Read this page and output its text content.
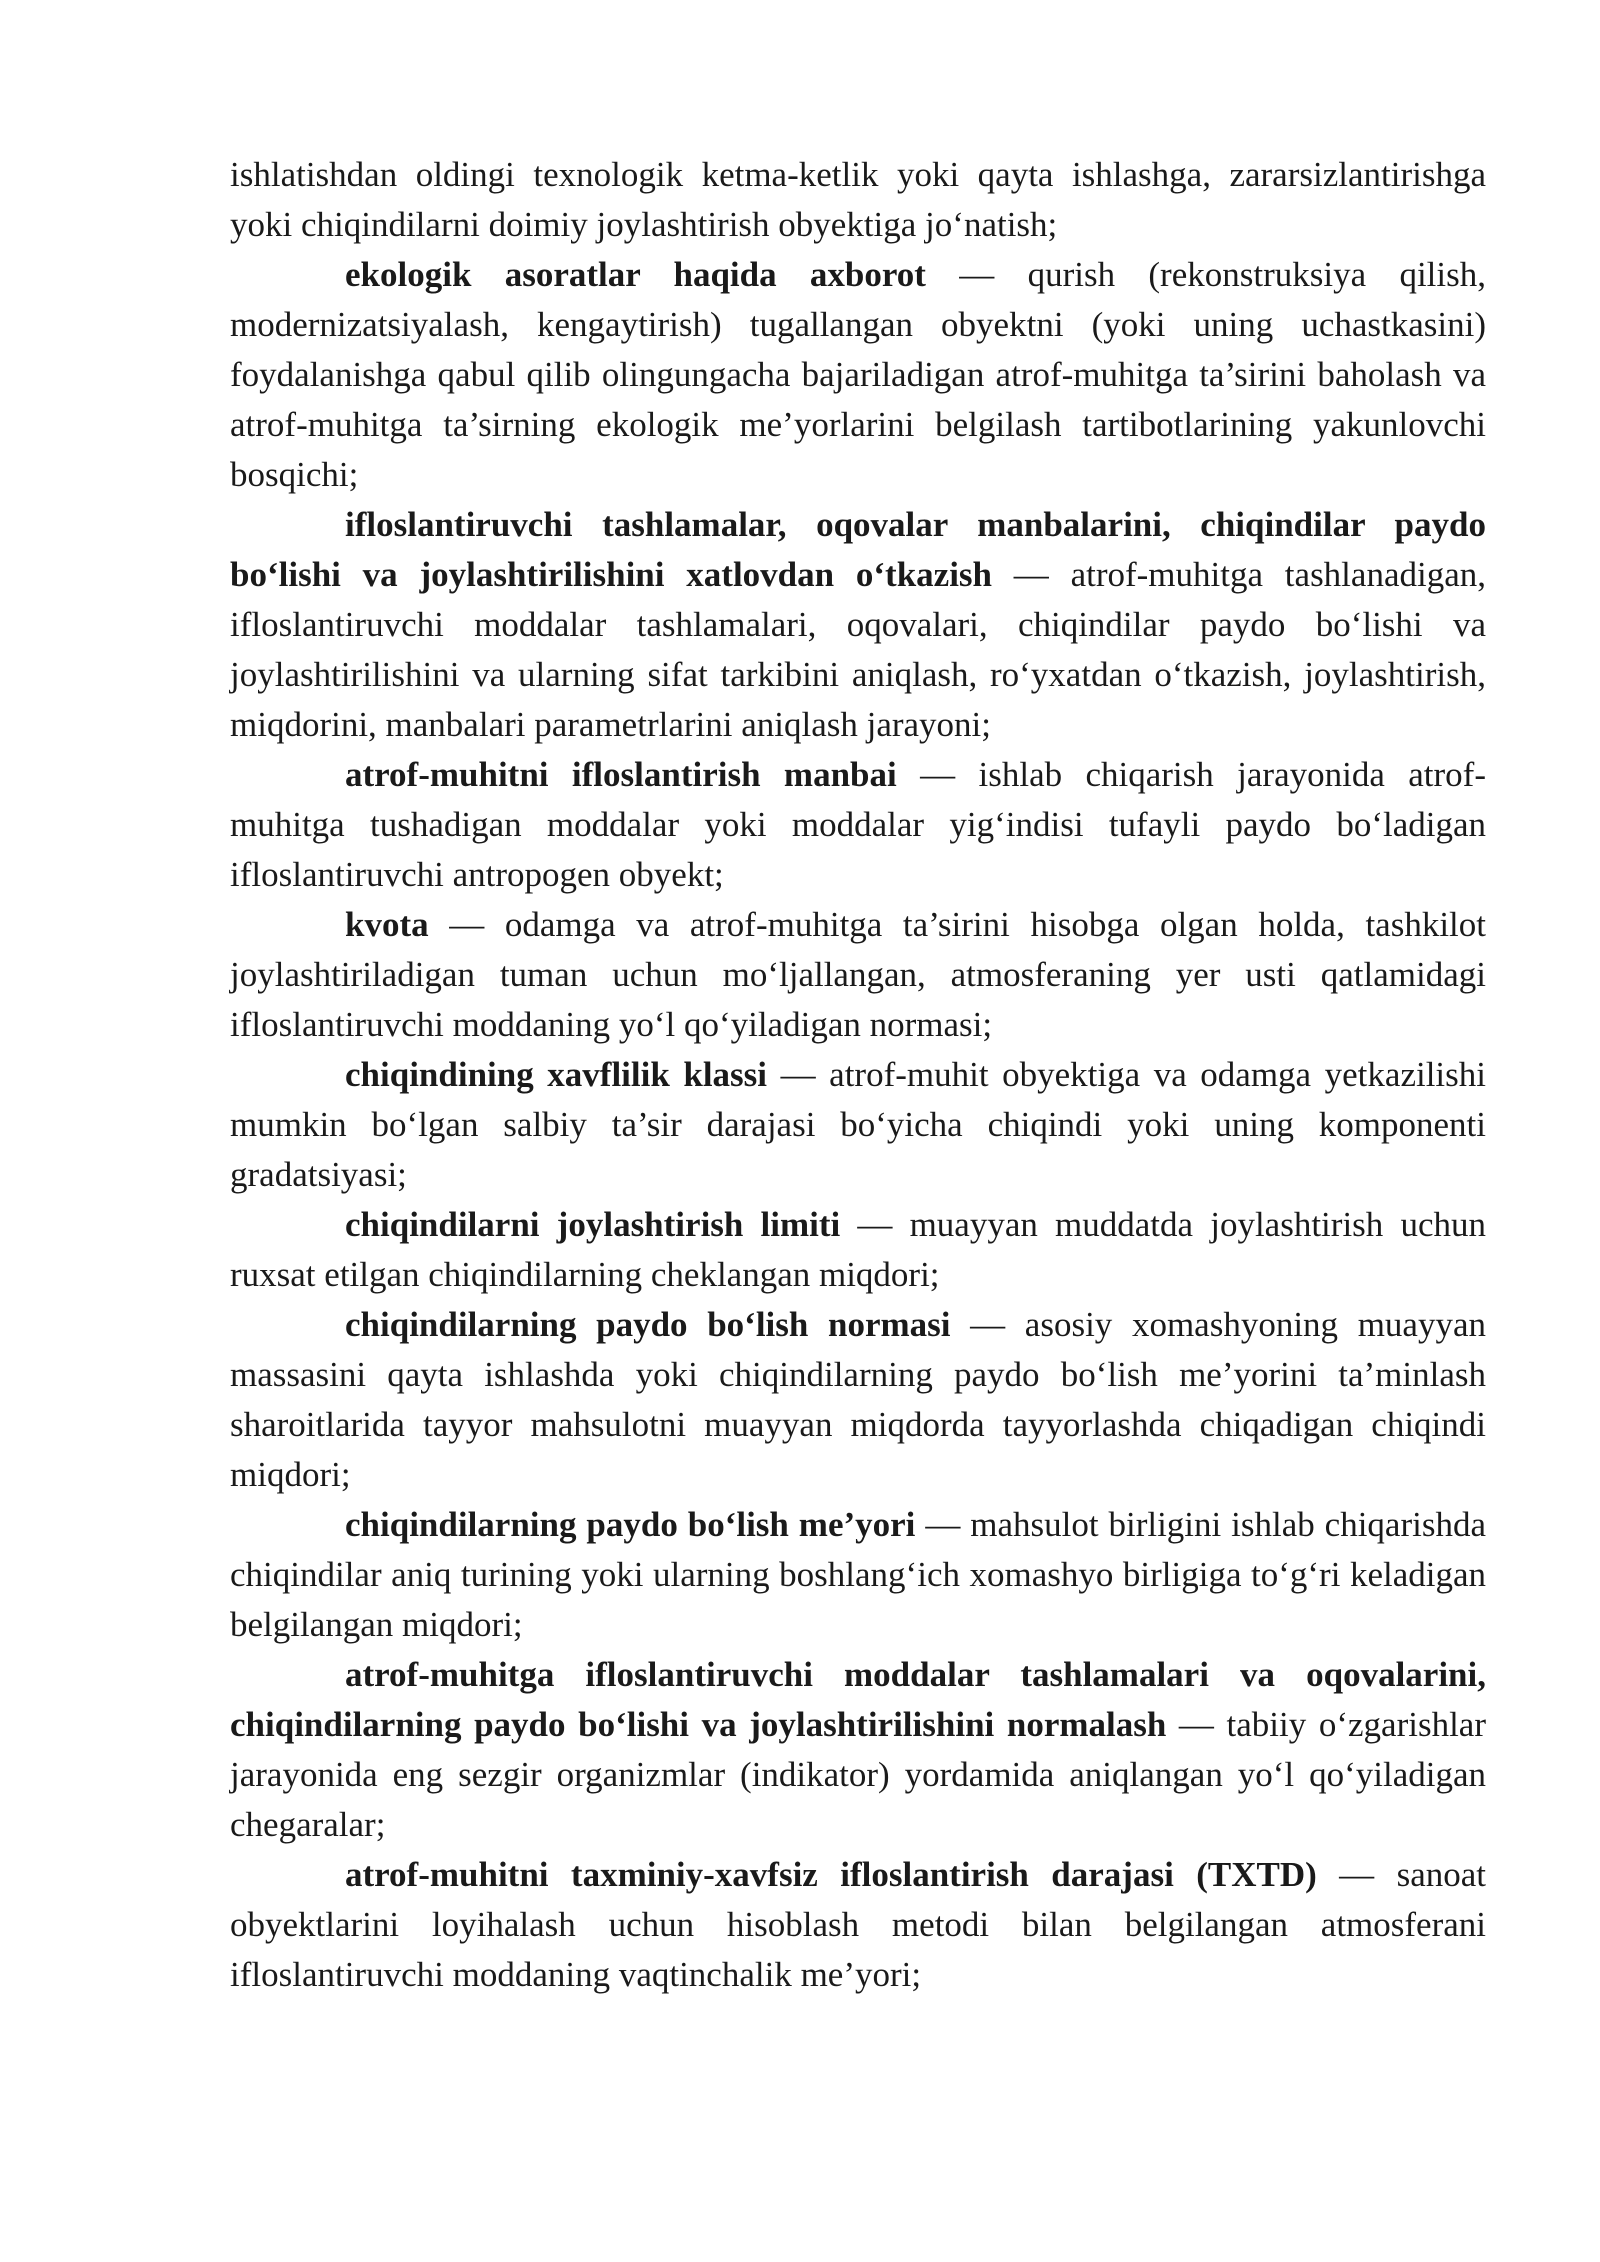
ishlatishdan oldingi texnologik ketma-ketlik yoki qayta ishlashga, zararsizlantirishga yoki chiqindilarni doimiy joylashtirish obyektiga jo‘natish;

ekologik asoratlar haqida axborot — qurish (rekonstruksiya qilish, modernizatsiyalash, kengaytirish) tugallangan obyektni (yoki uning uchastkasini) foydalanishga qabul qilib olingungacha bajariladigan atrof-muhitga ta’sirini baholash va atrof-muhitga ta’sirning ekologik me’yorlarini belgilash tartibotlarining yakunlovchi bosqichi;

ifloslantiruvchi tashlamalar, oqovalar manbalarini, chiqindilar paydo bo‘lishi va joylashtirilishini xatlovdan o‘tkazish — atrof-muhitga tashlanadigan, ifloslantiruvchi moddalar tashlamalari, oqovalari, chiqindilar paydo bo‘lishi va joylashtirilishini va ularning sifat tarkibini aniqlash, ro‘yxatdan o‘tkazish, joylashtirish, miqdorini, manbalari parametrlarini aniqlash jarayoni;

atrof-muhitni ifloslantirish manbai — ishlab chiqarish jarayonida atrof-muhitga tushadigan moddalar yoki moddalar yig‘indisi tufayli paydo bo‘ladigan ifloslantiruvchi antropogen obyekt;

kvota — odamga va atrof-muhitga ta’sirini hisobga olgan holda, tashkilot joylashtiriladigan tuman uchun mo‘ljallangan, atmosferaning yer usti qatlamidagi ifloslantiruvchi moddaning yo‘l qo‘yiladigan normasi;

chiqindining xavflilik klassi — atrof-muhit obyektiga va odamga yetkazilishi mumkin bo‘lgan salbiy ta’sir darajasi bo‘yicha chiqindi yoki uning komponenti gradatsiyasi;

chiqindilarni joylashtirish limiti — muayyan muddatda joylashtirish uchun ruxsat etilgan chiqindilarning cheklangan miqdori;

chiqindilarning paydo bo‘lish normasi — asosiy xomashyoning muayyan massasini qayta ishlashda yoki chiqindilarning paydo bo‘lish me’yorini ta’minlash sharoitlarida tayyor mahsulotni muayyan miqdorda tayyorlashda chiqadigan chiqindi miqdori;

chiqindilarning paydo bo‘lish me’yori — mahsulot birligini ishlab chiqarishda chiqindilar aniq turining yoki ularning boshlang‘ich xomashyo birligiga to‘g‘ri keladigan belgilangan miqdori;

atrof-muhitga ifloslantiruvchi moddalar tashlamalari va oqovalarini, chiqindilarning paydo bo‘lishi va joylashtirilishini normalash — tabiiy o‘zgarishlar jarayonida eng sezgir organizmlar (indikator) yordamida aniqlangan yo‘l qo‘yiladigan chegaralar;

atrof-muhitni taxminiy-xavfsiz ifloslantirish darajasi (TXTD) — sanoat obyektlarini loyihalash uchun hisoblash metodi bilan belgilangan atmosferani ifloslantiruvchi moddaning vaqtinchalik me’yori;
